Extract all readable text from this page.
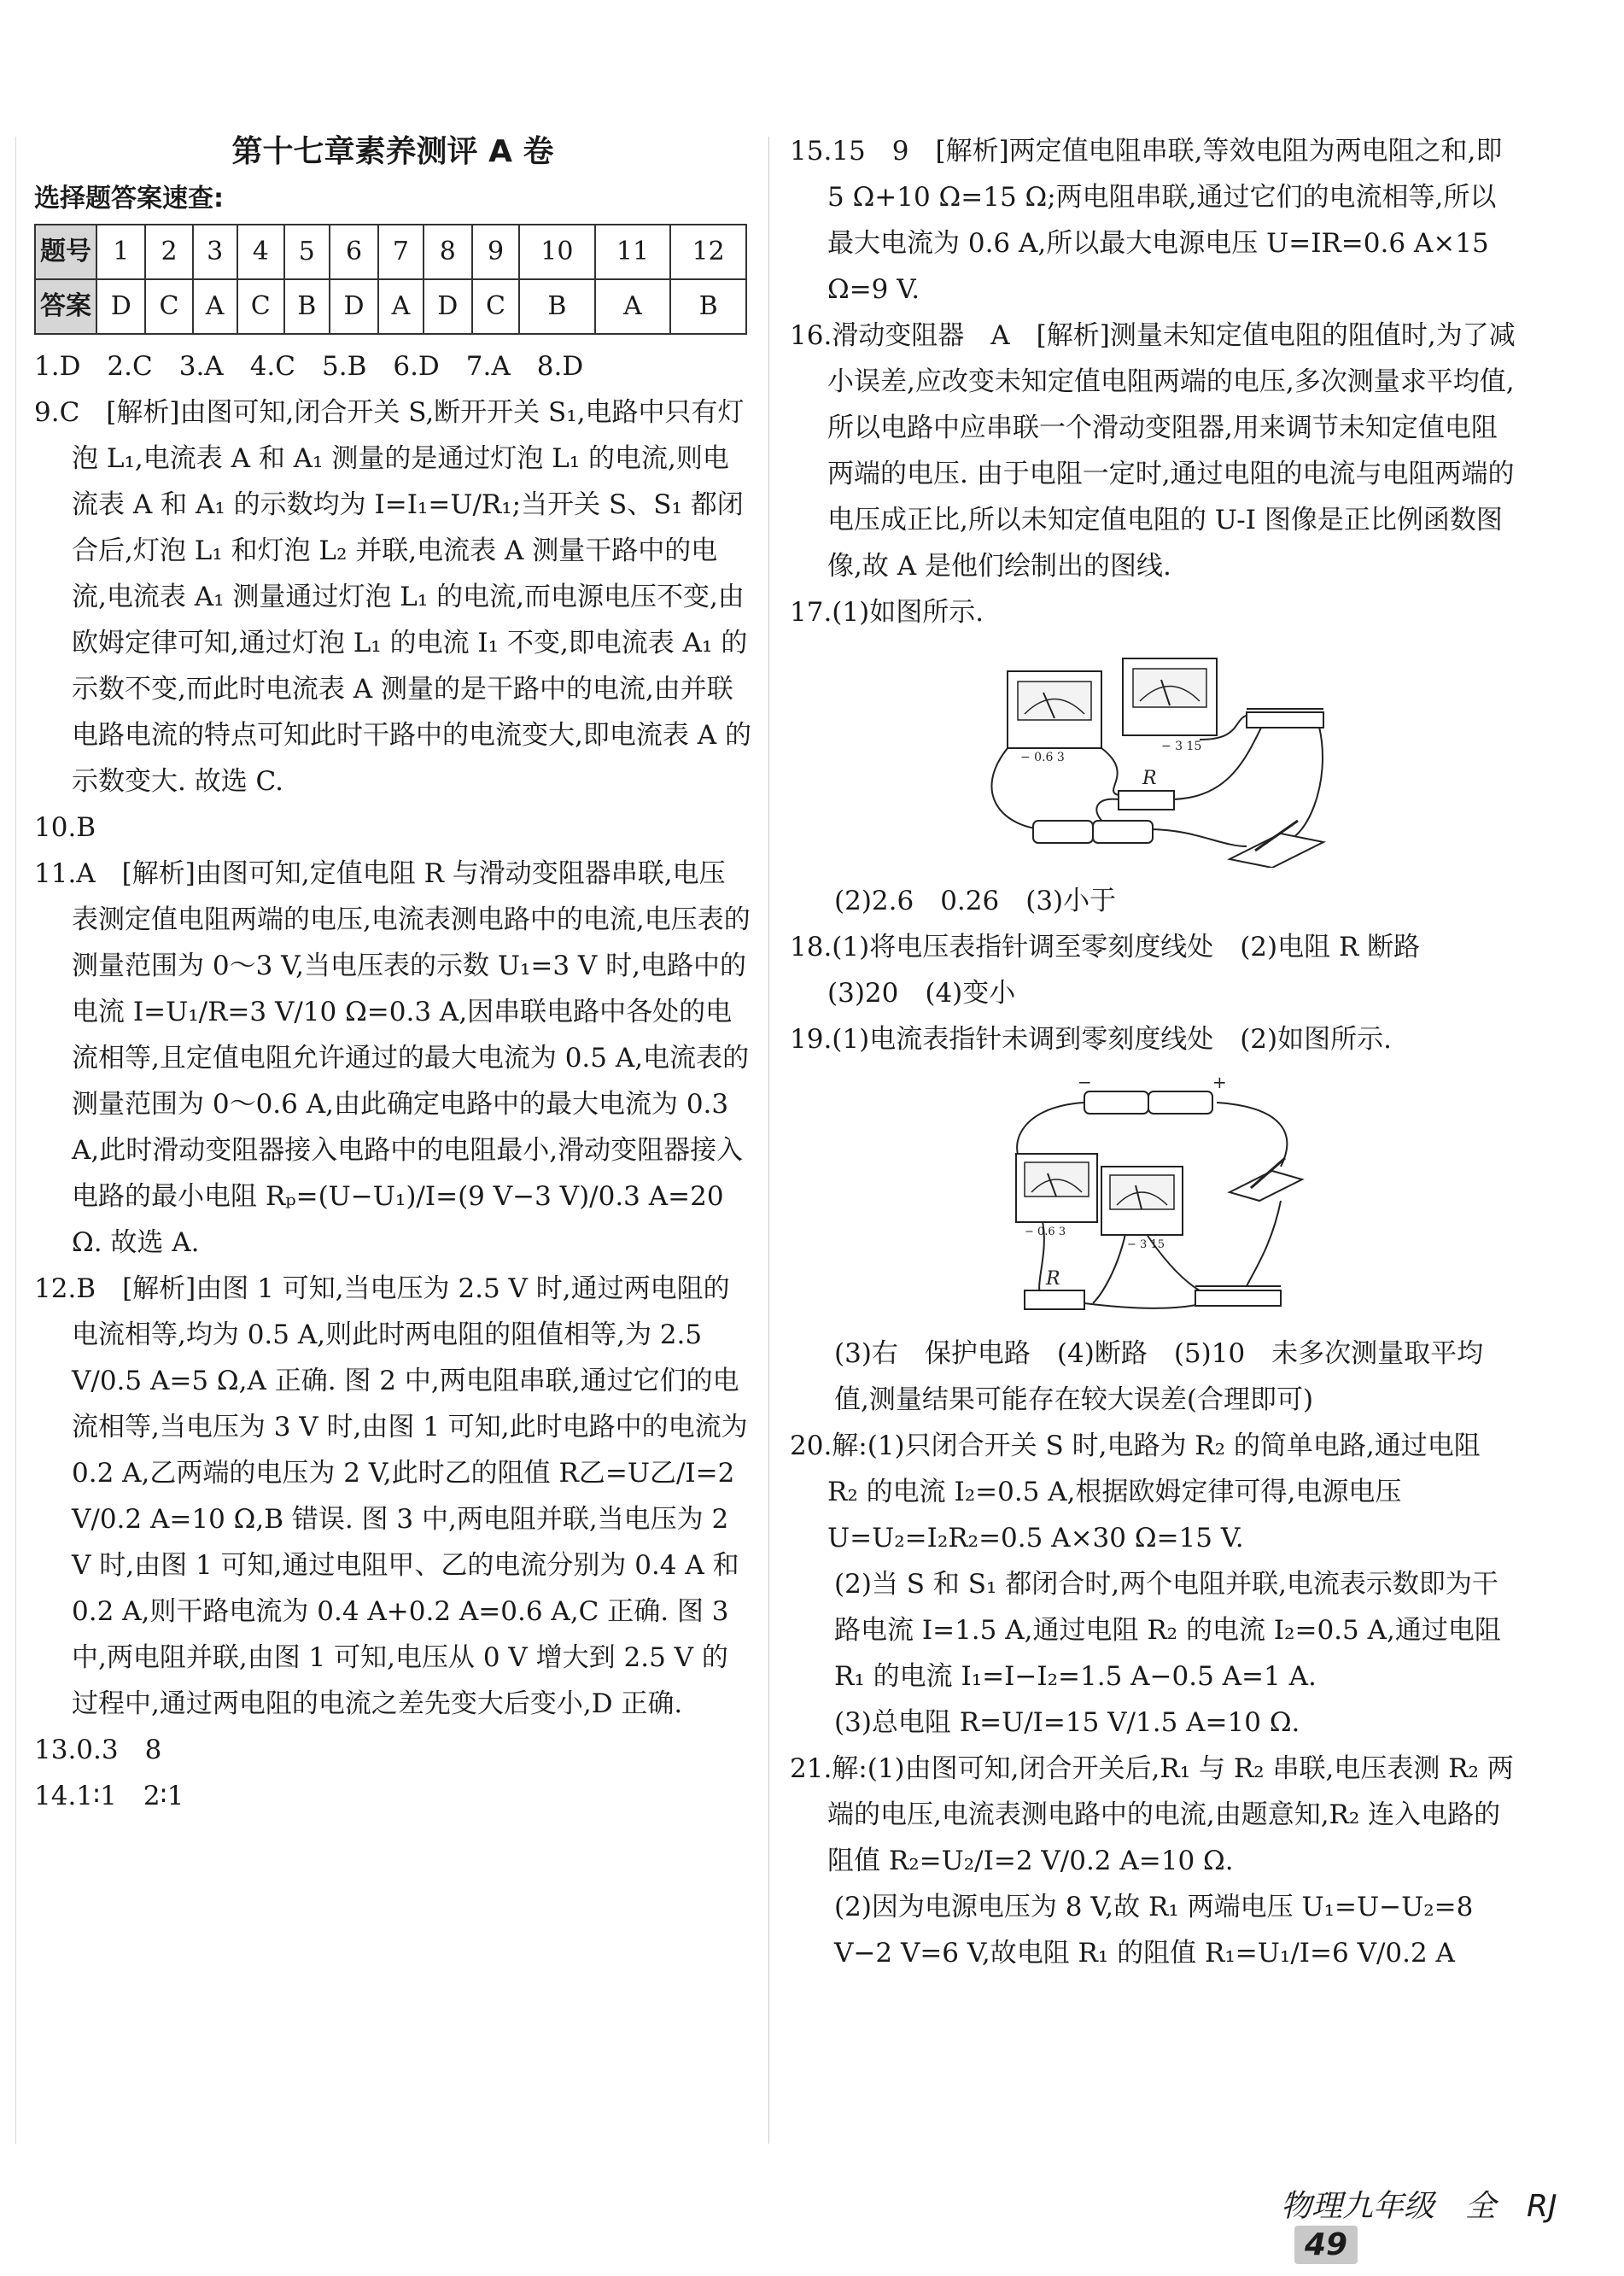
第十七章素养测评 A 卷
选择题答案速查:
题号	1	2	3	4	5	6	7	8	9	10	11	12
答案	D	C	A	C	B	D	A	D	C	B	A	B

1.D　2.C　3.A　4.C　5.B　6.D　7.A　8.D

9.C　[解析]由图可知,闭合开关 S,断开开关 S₁,电路中只有灯泡 L₁,电流表 A 和 A₁ 测量的是通过灯泡 L₁ 的电流,则电流表 A 和 A₁ 的示数均为 I=I₁=U/R₁;当开关 S、S₁ 都闭合后,灯泡 L₁ 和灯泡 L₂ 并联,电流表 A 测量干路中的电流,电流表 A₁ 测量通过灯泡 L₁ 的电流,而电源电压不变,由欧姆定律可知,通过灯泡 L₁ 的电流 I₁ 不变,即电流表 A₁ 的示数不变,而此时电流表 A 测量的是干路中的电流,由并联电路电流的特点可知此时干路中的电流变大,即电流表 A 的示数变大. 故选 C.

10.B

11.A　[解析]由图可知,定值电阻 R 与滑动变阻器串联,电压表测定值电阻两端的电压,电流表测电路中的电流,电压表的测量范围为 0～3 V,当电压表的示数 U₁=3 V 时,电路中的电流 I=U₁/R=3 V/10 Ω=0.3 A,因串联电路中各处的电流相等,且定值电阻允许通过的最大电流为 0.5 A,电流表的测量范围为 0～0.6 A,由此确定电路中的最大电流为 0.3 A,此时滑动变阻器接入电路中的电阻最小,滑动变阻器接入电路的最小电阻 Rₚ=(U−U₁)/I=(9 V−3 V)/0.3 A=20 Ω. 故选 A.

12.B　[解析]由图 1 可知,当电压为 2.5 V 时,通过两电阻的电流相等,均为 0.5 A,则此时两电阻的阻值相等,为 2.5 V/0.5 A=5 Ω,A 正确. 图 2 中,两电阻串联,通过它们的电流相等,当电压为 3 V 时,由图 1 可知,此时电路中的电流为 0.2 A,乙两端的电压为 2 V,此时乙的阻值 R乙=U乙/I=2 V/0.2 A=10 Ω,B 错误. 图 3 中,两电阻并联,当电压为 2 V 时,由图 1 可知,通过电阻甲、乙的电流分别为 0.4 A 和 0.2 A,则干路电流为 0.4 A+0.2 A=0.6 A,C 正确. 图 3 中,两电阻并联,由图 1 可知,电压从 0 V 增大到 2.5 V 的过程中,通过两电阻的电流之差先变大后变小,D 正确.

13.0.3　8

14.1∶1　2∶1

15.15　9　[解析]两定值电阻串联,等效电阻为两电阻之和,即 5 Ω+10 Ω=15 Ω;两电阻串联,通过它们的电流相等,所以最大电流为 0.6 A,所以最大电源电压 U=IR=0.6 A×15 Ω=9 V.

16.滑动变阻器　A　[解析]测量未知定值电阻的阻值时,为了减小误差,应改变未知定值电阻两端的电压,多次测量求平均值,所以电路中应串联一个滑动变阻器,用来调节未知定值电阻两端的电压. 由于电阻一定时,通过电阻的电流与电阻两端的电压成正比,所以未知定值电阻的 U-I 图像是正比例函数图像,故 A 是他们绘制出的图线.

17.(1)如图所示.

− 0.6 3
− 3 15
R

(2)2.6　0.26　(3)小于

18.(1)将电压表指针调至零刻度线处　(2)电阻 R 断路　(3)20　(4)变小

19.(1)电流表指针未调到零刻度线处　(2)如图所示.

−	+
− 0.6 3
− 3 15
R

(3)右　保护电路　(4)断路　(5)10　未多次测量取平均值,测量结果可能存在较大误差(合理即可)

20.解:(1)只闭合开关 S 时,电路为 R₂ 的简单电路,通过电阻 R₂ 的电流 I₂=0.5 A,根据欧姆定律可得,电源电压 U=U₂=I₂R₂=0.5 A×30 Ω=15 V.

(2)当 S 和 S₁ 都闭合时,两个电阻并联,电流表示数即为干路电流 I=1.5 A,通过电阻 R₂ 的电流 I₂=0.5 A,通过电阻 R₁ 的电流 I₁=I−I₂=1.5 A−0.5 A=1 A.

(3)总电阻 R=U/I=15 V/1.5 A=10 Ω.

21.解:(1)由图可知,闭合开关后,R₁ 与 R₂ 串联,电压表测 R₂ 两端的电压,电流表测电路中的电流,由题意知,R₂ 连入电路的阻值 R₂=U₂/I=2 V/0.2 A=10 Ω.

(2)因为电源电压为 8 V,故 R₁ 两端电压 U₁=U−U₂=8 V−2 V=6 V,故电阻 R₁ 的阻值 R₁=U₁/I=6 V/0.2 A

物理九年级　全　RJ 49
